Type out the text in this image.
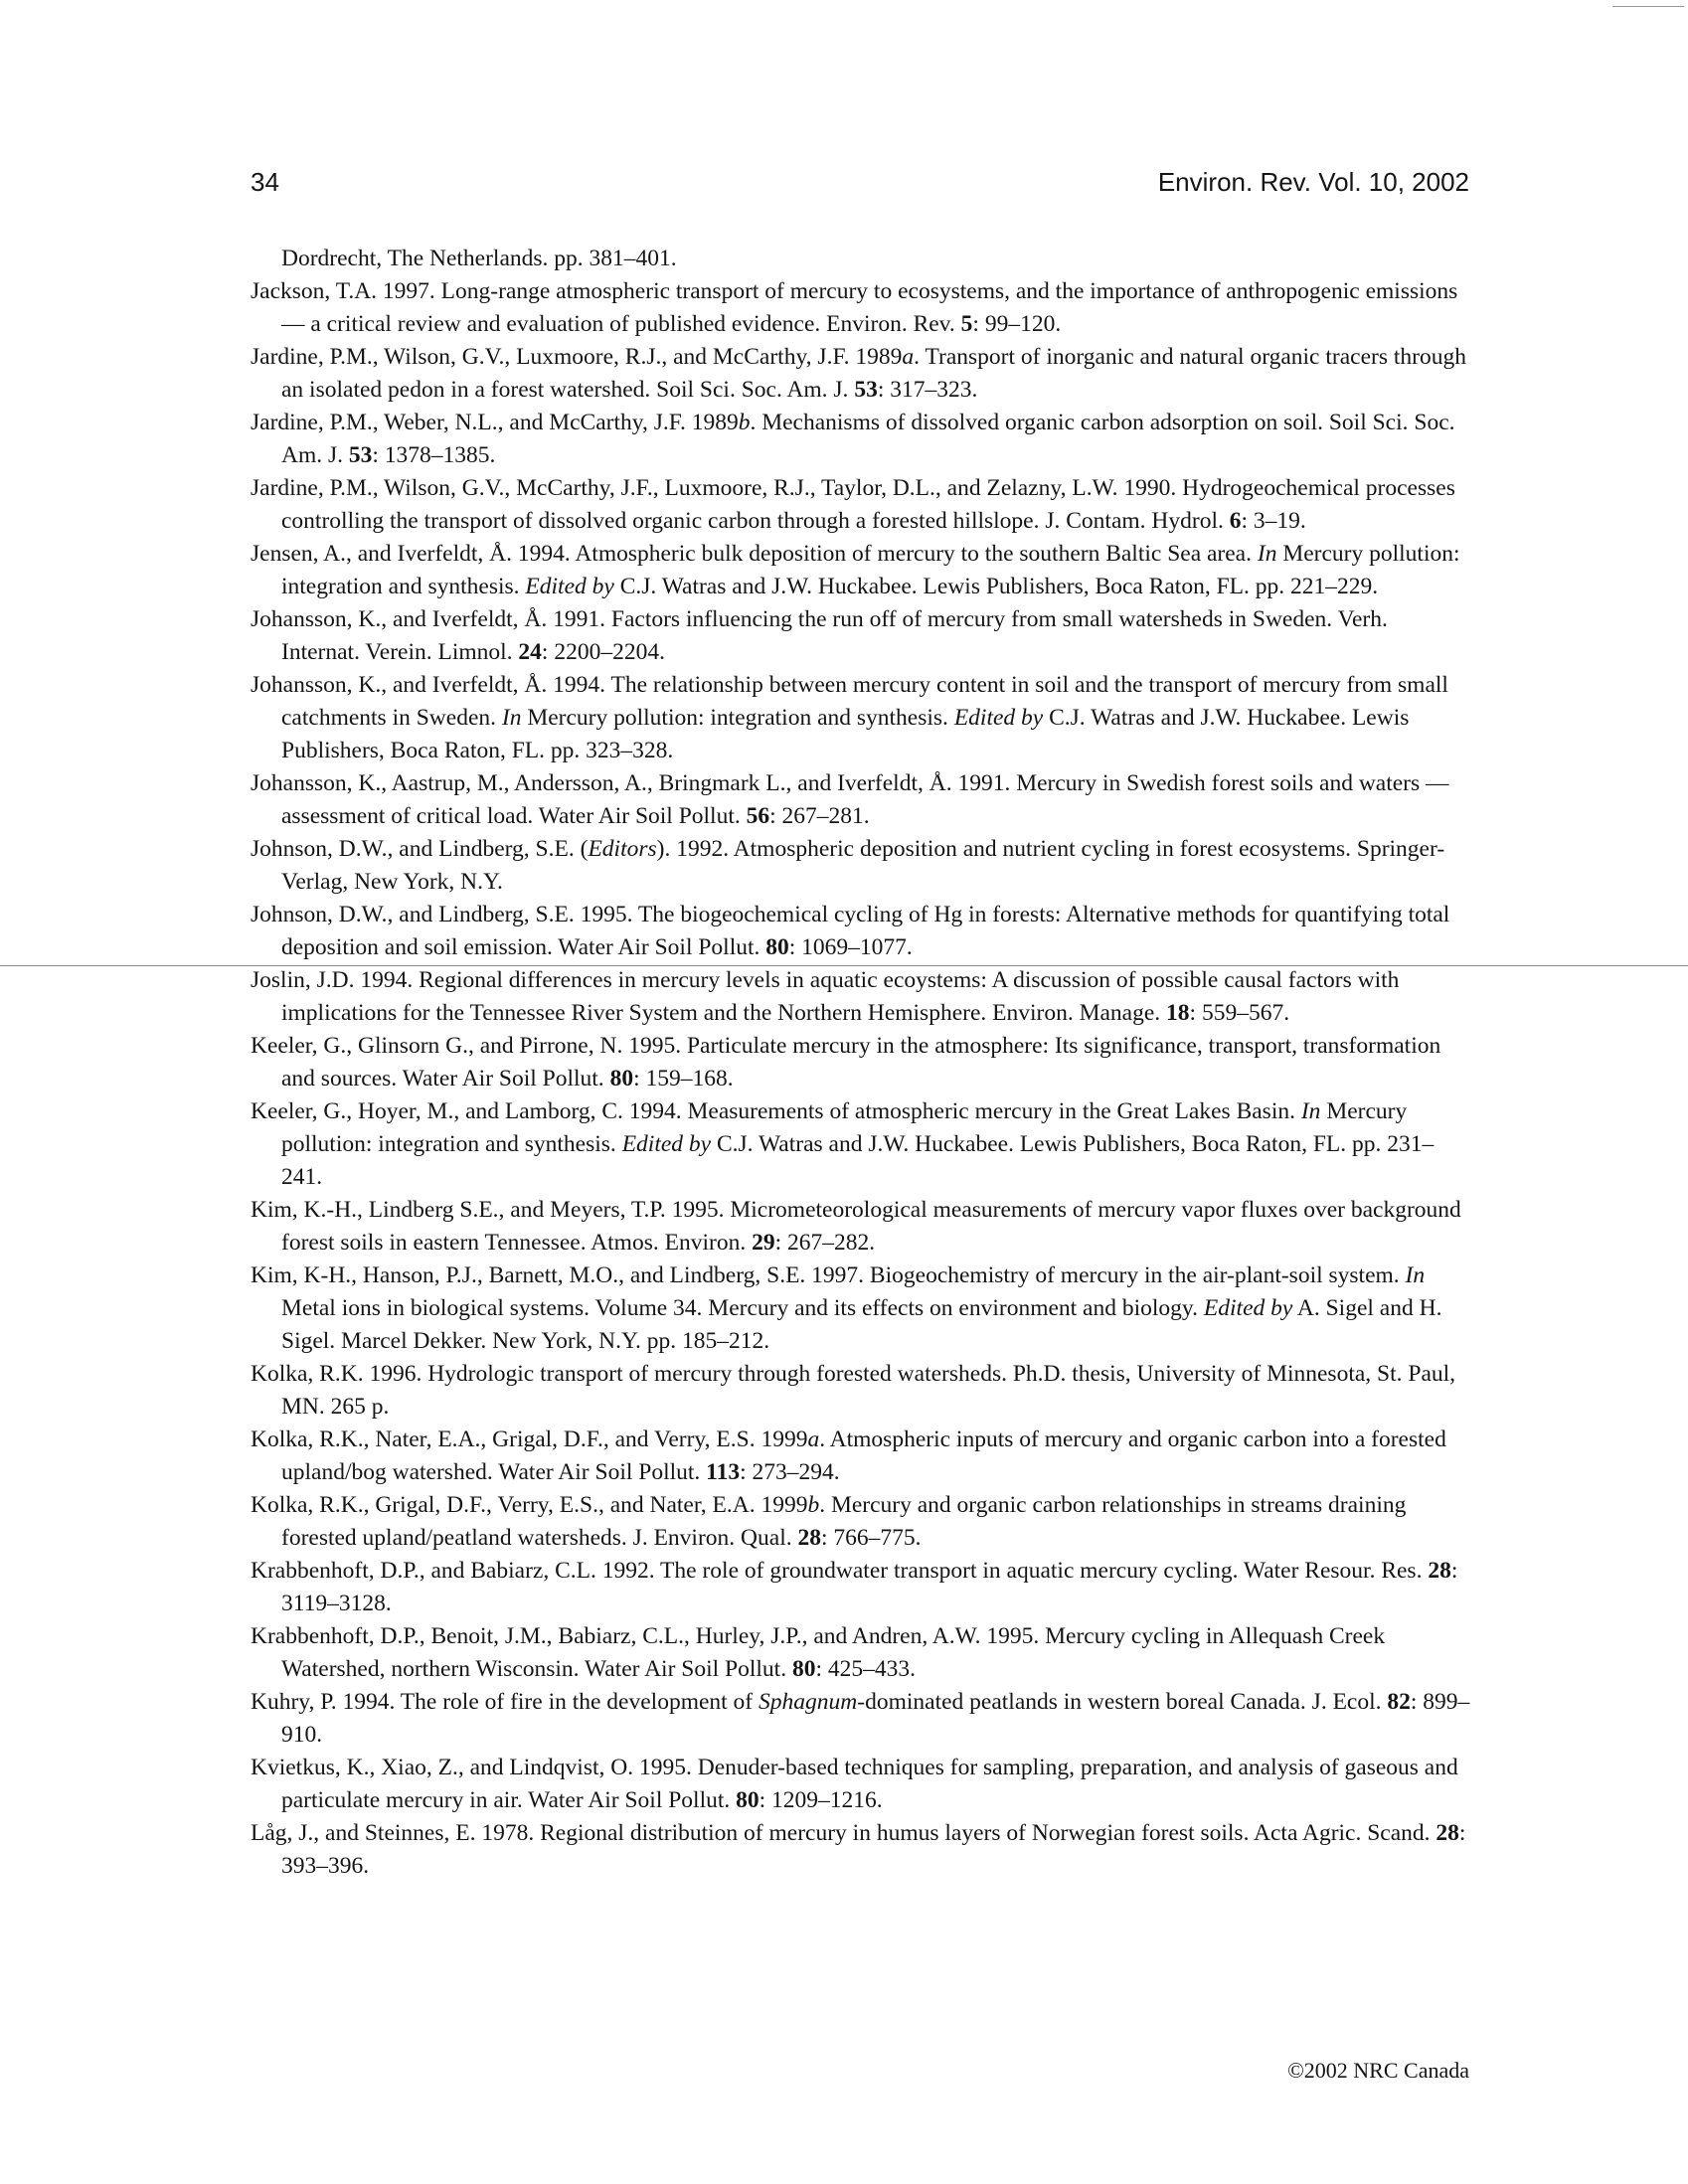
34	Environ. Rev. Vol. 10, 2002

Dordrecht, The Netherlands. pp. 381–401.

Jackson, T.A. 1997. Long-range atmospheric transport of mercury to ecosystems, and the importance of anthropogenic emissions — a critical review and evaluation of published evidence. Environ. Rev. 5: 99–120.

Jardine, P.M., Wilson, G.V., Luxmoore, R.J., and McCarthy, J.F. 1989a. Transport of inorganic and natural organic tracers through an isolated pedon in a forest watershed. Soil Sci. Soc. Am. J. 53: 317–323.

Jardine, P.M., Weber, N.L., and McCarthy, J.F. 1989b. Mechanisms of dissolved organic carbon adsorption on soil. Soil Sci. Soc. Am. J. 53: 1378–1385.

Jardine, P.M., Wilson, G.V., McCarthy, J.F., Luxmoore, R.J., Taylor, D.L., and Zelazny, L.W. 1990. Hydrogeochemical processes controlling the transport of dissolved organic carbon through a forested hillslope. J. Contam. Hydrol. 6: 3–19.

Jensen, A., and Iverfeldt, Å. 1994. Atmospheric bulk deposition of mercury to the southern Baltic Sea area. In Mercury pollution: integration and synthesis. Edited by C.J. Watras and J.W. Huckabee. Lewis Publishers, Boca Raton, FL. pp. 221–229.

Johansson, K., and Iverfeldt, Å. 1991. Factors influencing the run off of mercury from small watersheds in Sweden. Verh. Internat. Verein. Limnol. 24: 2200–2204.

Johansson, K., and Iverfeldt, Å. 1994. The relationship between mercury content in soil and the transport of mercury from small catchments in Sweden. In Mercury pollution: integration and synthesis. Edited by C.J. Watras and J.W. Huckabee. Lewis Publishers, Boca Raton, FL. pp. 323–328.

Johansson, K., Aastrup, M., Andersson, A., Bringmark L., and Iverfeldt, Å. 1991. Mercury in Swedish forest soils and waters — assessment of critical load. Water Air Soil Pollut. 56: 267–281.

Johnson, D.W., and Lindberg, S.E. (Editors). 1992. Atmospheric deposition and nutrient cycling in forest ecosystems. Springer-Verlag, New York, N.Y.

Johnson, D.W., and Lindberg, S.E. 1995. The biogeochemical cycling of Hg in forests: Alternative methods for quantifying total deposition and soil emission. Water Air Soil Pollut. 80: 1069–1077.

Joslin, J.D. 1994. Regional differences in mercury levels in aquatic ecoystems: A discussion of possible causal factors with implications for the Tennessee River System and the Northern Hemisphere. Environ. Manage. 18: 559–567.

Keeler, G., Glinsorn G., and Pirrone, N. 1995. Particulate mercury in the atmosphere: Its significance, transport, transformation and sources. Water Air Soil Pollut. 80: 159–168.

Keeler, G., Hoyer, M., and Lamborg, C. 1994. Measurements of atmospheric mercury in the Great Lakes Basin. In Mercury pollution: integration and synthesis. Edited by C.J. Watras and J.W. Huckabee. Lewis Publishers, Boca Raton, FL. pp. 231–241.

Kim, K.-H., Lindberg S.E., and Meyers, T.P. 1995. Micrometeorological measurements of mercury vapor fluxes over background forest soils in eastern Tennessee. Atmos. Environ. 29: 267–282.

Kim, K-H., Hanson, P.J., Barnett, M.O., and Lindberg, S.E. 1997. Biogeochemistry of mercury in the air-plant-soil system. In Metal ions in biological systems. Volume 34. Mercury and its effects on environment and biology. Edited by A. Sigel and H. Sigel. Marcel Dekker. New York, N.Y. pp. 185–212.

Kolka, R.K. 1996. Hydrologic transport of mercury through forested watersheds. Ph.D. thesis, University of Minnesota, St. Paul, MN. 265 p.

Kolka, R.K., Nater, E.A., Grigal, D.F., and Verry, E.S. 1999a. Atmospheric inputs of mercury and organic carbon into a forested upland/bog watershed. Water Air Soil Pollut. 113: 273–294.

Kolka, R.K., Grigal, D.F., Verry, E.S., and Nater, E.A. 1999b. Mercury and organic carbon relationships in streams draining forested upland/peatland watersheds. J. Environ. Qual. 28: 766–775.

Krabbenhoft, D.P., and Babiarz, C.L. 1992. The role of groundwater transport in aquatic mercury cycling. Water Resour. Res. 28: 3119–3128.

Krabbenhoft, D.P., Benoit, J.M., Babiarz, C.L., Hurley, J.P., and Andren, A.W. 1995. Mercury cycling in Allequash Creek Watershed, northern Wisconsin. Water Air Soil Pollut. 80: 425–433.

Kuhry, P. 1994. The role of fire in the development of Sphagnum-dominated peatlands in western boreal Canada. J. Ecol. 82: 899–910.

Kvietkus, K., Xiao, Z., and Lindqvist, O. 1995. Denuder-based techniques for sampling, preparation, and analysis of gaseous and particulate mercury in air. Water Air Soil Pollut. 80: 1209–1216.

Låg, J., and Steinnes, E. 1978. Regional distribution of mercury in humus layers of Norwegian forest soils. Acta Agric. Scand. 28: 393–396.

©2002 NRC Canada
